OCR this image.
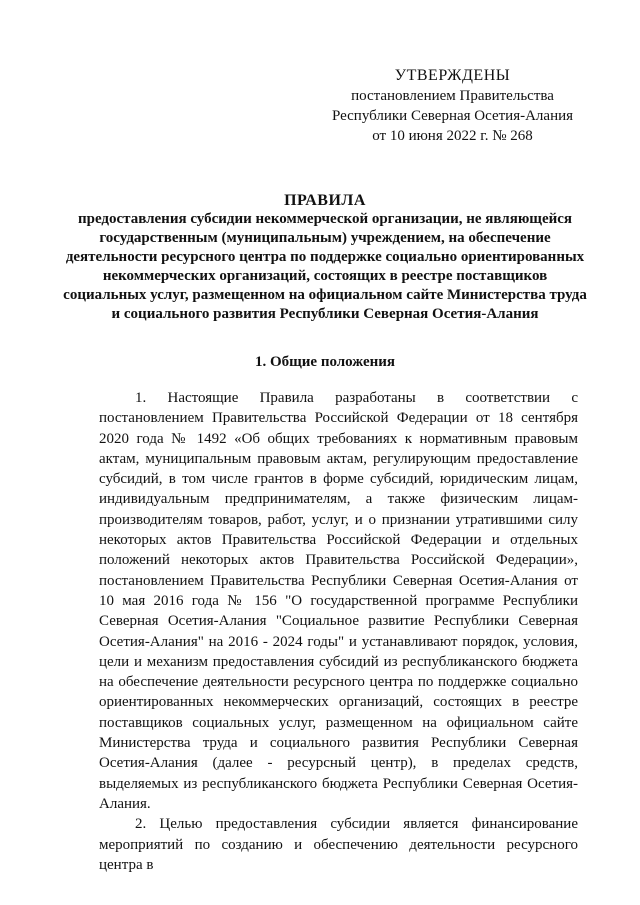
УТВЕРЖДЕНЫ
постановлением Правительства
Республики Северная Осетия-Алания
от 10 июня 2022 г. № 268
ПРАВИЛА
предоставления субсидии некоммерческой организации, не являющейся государственным (муниципальным) учреждением, на обеспечение деятельности ресурсного центра по поддержке социально ориентированных некоммерческих организаций, состоящих в реестре поставщиков социальных услуг, размещенном на официальном сайте Министерства труда и социального развития Республики Северная Осетия-Алания
1. Общие положения

1. Настоящие Правила разработаны в соответствии с постановлением Правительства Российской Федерации от 18 сентября 2020 года № 1492 «Об общих требованиях к нормативным правовым актам, муниципальным правовым актам, регулирующим предоставление субсидий, в том числе грантов в форме субсидий, юридическим лицам, индивидуальным предпринимателям, а также физическим лицам-производителям товаров, работ, услуг, и о признании утратившими силу некоторых актов Правительства Российской Федерации и отдельных положений некоторых актов Правительства Российской Федерации», постановлением Правительства Республики Северная Осетия-Алания от 10 мая 2016 года № 156 "О государственной программе Республики Северная Осетия-Алания "Социальное развитие Республики Северная Осетия-Алания" на 2016 - 2024 годы" и устанавливают порядок, условия, цели и механизм предоставления субсидий из республиканского бюджета на обеспечение деятельности ресурсного центра по поддержке социально ориентированных некоммерческих организаций, состоящих в реестре поставщиков социальных услуг, размещенном на официальном сайте Министерства труда и социального развития Республики Северная Осетия-Алания (далее - ресурсный центр), в пределах средств, выделяемых из республиканского бюджета Республики Северная Осетия-Алания.

2. Целью предоставления субсидии является финансирование мероприятий по созданию и обеспечению деятельности ресурсного центра в
